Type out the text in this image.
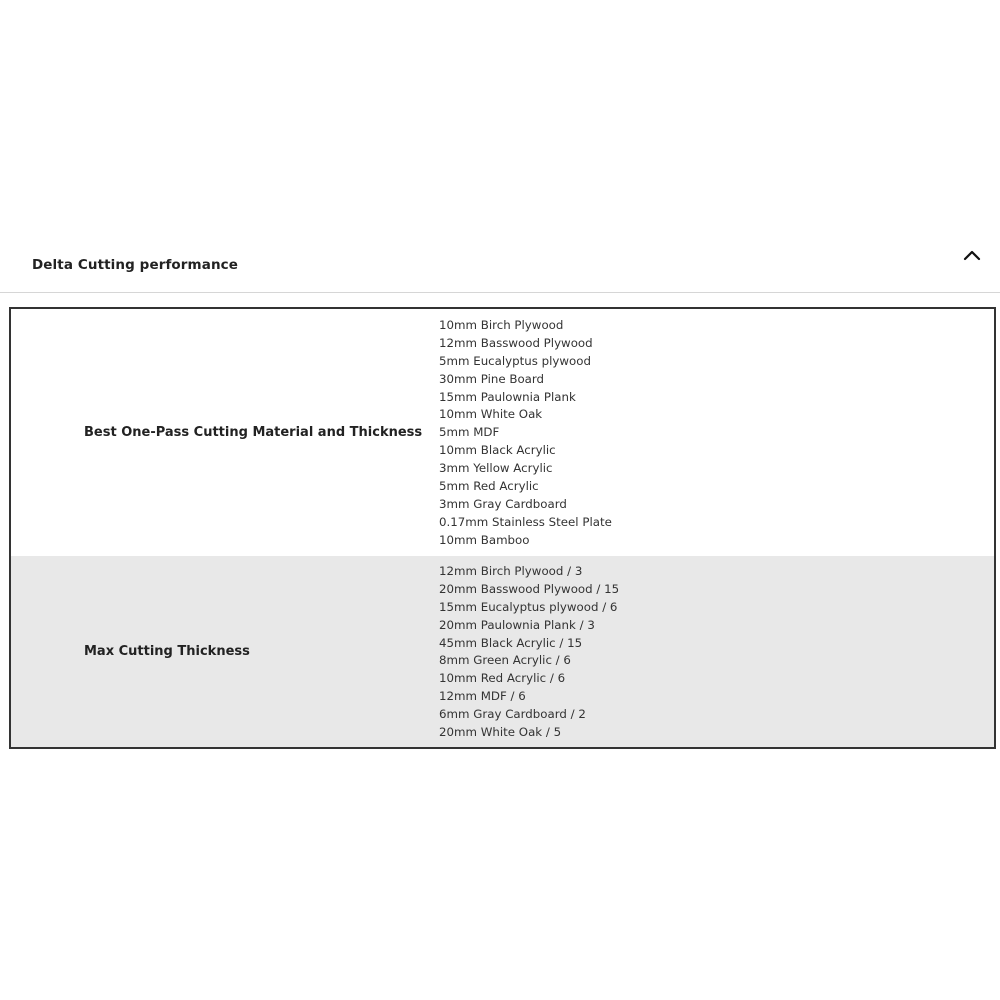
Delta Cutting performance
Best One-Pass Cutting Material and Thickness
10mm Birch Plywood
12mm Basswood Plywood
5mm Eucalyptus plywood
30mm Pine Board
15mm Paulownia Plank
10mm White Oak
5mm MDF
10mm Black Acrylic
3mm Yellow Acrylic
5mm Red Acrylic
3mm Gray Cardboard
0.17mm Stainless Steel Plate
10mm Bamboo
Max Cutting Thickness
12mm Birch Plywood / 3
20mm Basswood Plywood / 15
15mm Eucalyptus plywood / 6
20mm Paulownia Plank / 3
45mm Black Acrylic / 15
8mm Green Acrylic / 6
10mm Red Acrylic / 6
12mm MDF / 6
6mm Gray Cardboard / 2
20mm White Oak / 5
